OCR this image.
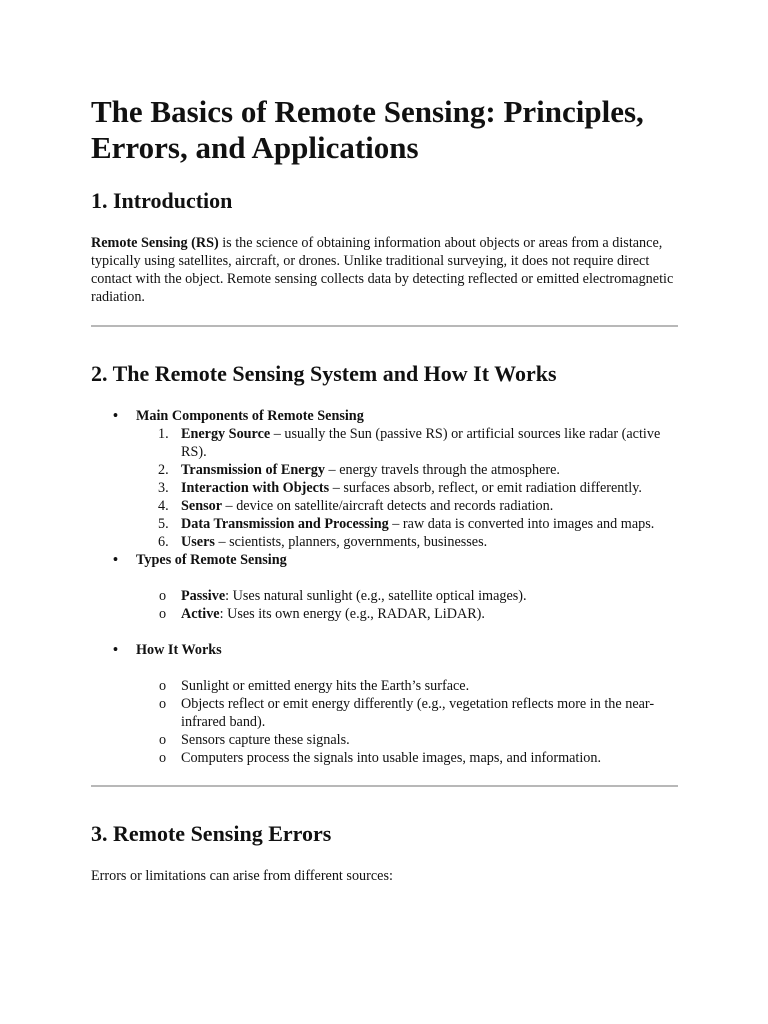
The Basics of Remote Sensing: Principles, Errors, and Applications
1. Introduction

Remote Sensing (RS) is the science of obtaining information about objects or areas from a distance, typically using satellites, aircraft, or drones. Unlike traditional surveying, it does not require direct contact with the object. Remote sensing collects data by detecting reflected or emitted electromagnetic radiation.

2. The Remote Sensing System and How It Works
• Main Components of Remote Sensing
1. Energy Source – usually the Sun (passive RS) or artificial sources like radar (active RS).
2. Transmission of Energy – energy travels through the atmosphere.
3. Interaction with Objects – surfaces absorb, reflect, or emit radiation differently.
4. Sensor – device on satellite/aircraft detects and records radiation.
5. Data Transmission and Processing – raw data is converted into images and maps.
6. Users – scientists, planners, governments, businesses.
• Types of Remote Sensing
o Passive: Uses natural sunlight (e.g., satellite optical images).
o Active: Uses its own energy (e.g., RADAR, LiDAR).
• How It Works
o Sunlight or emitted energy hits the Earth’s surface.
o Objects reflect or emit energy differently (e.g., vegetation reflects more in the near-infrared band).
o Sensors capture these signals.
o Computers process the signals into usable images, maps, and information.
3. Remote Sensing Errors

Errors or limitations can arise from different sources:
